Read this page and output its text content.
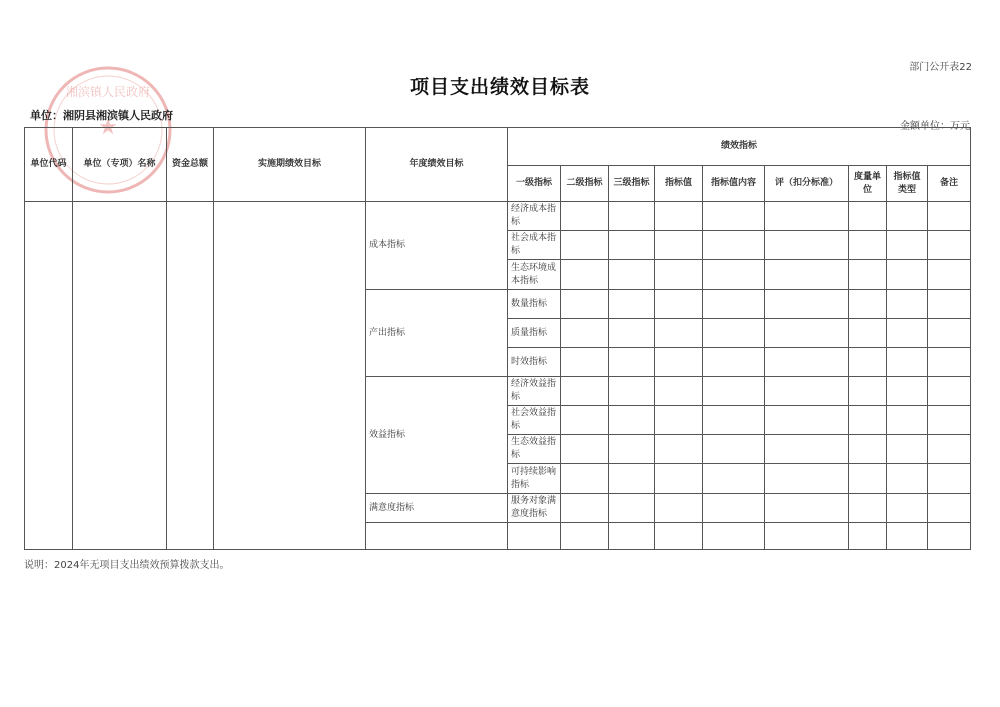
部门公开表22
★
湘滨镇人民政府	项目支出绩效目标表
单位：湘阴县湘滨镇人民政府
金额单位：万元
单位代码	单位（专项）名称	资金总额	实施期绩效目标	年度绩效目标	绩效指标								
					一级指标	二级指标	三级指标	指标值	指标值内容	评（扣分标准）	度量单位	指标值类型	备注
				成本指标	经济成本指标								
					社会成本指标								
					生态环境成本指标								
				产出指标	数量指标								
					质量指标								
					时效指标								
				效益指标	经济效益指标								
					社会效益指标								
					生态效益指标								
					可持续影响指标								
				满意度指标	服务对象满意度指标								

说明：2024年无项目支出绩效预算拨款支出。
